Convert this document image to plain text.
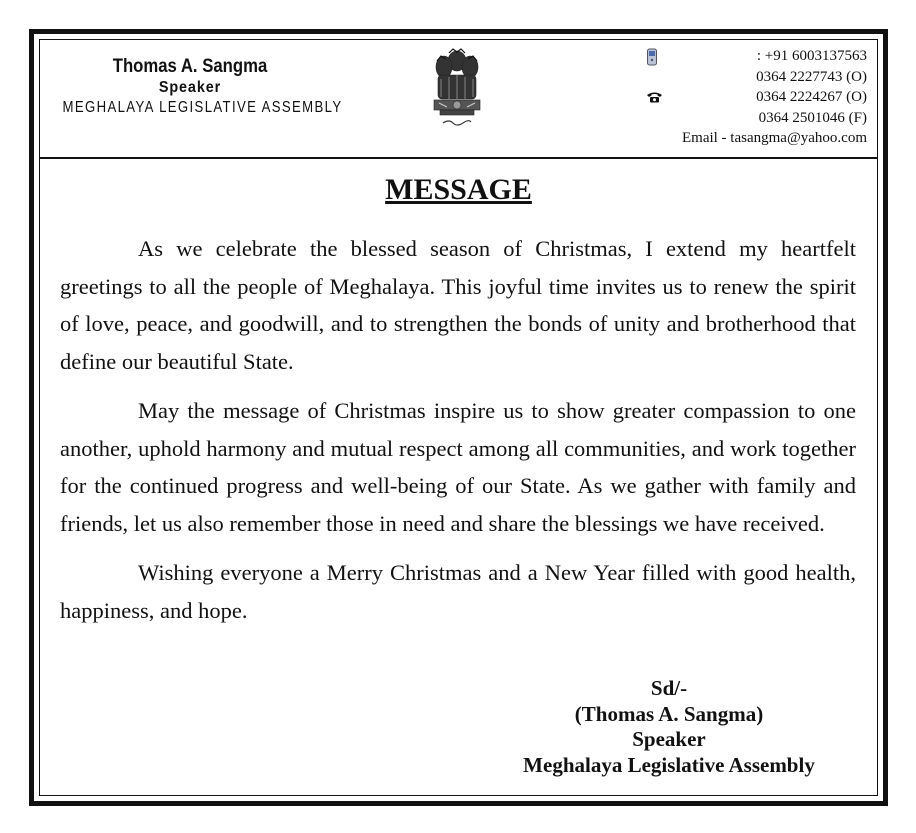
Thomas A. Sangma
Speaker
MEGHALAYA LEGISLATIVE ASSEMBLY
: +91 6003137563
0364 2227743 (O)
0364 2224267 (O)
0364 2501046 (F)
Email - tasangma@yahoo.com
MESSAGE

As we celebrate the blessed season of Christmas, I extend my heartfelt greetings to all the people of Meghalaya. This joyful time invites us to renew the spirit of love, peace, and goodwill, and to strengthen the bonds of unity and brotherhood that define our beautiful State.

May the message of Christmas inspire us to show greater compassion to one another, uphold harmony and mutual respect among all communities, and work together for the continued progress and well-being of our State. As we gather with family and friends, let us also remember those in need and share the blessings we have received.

Wishing everyone a Merry Christmas and a New Year filled with good health, happiness, and hope.

Sd/-
(Thomas A. Sangma)
Speaker
Meghalaya Legislative Assembly
